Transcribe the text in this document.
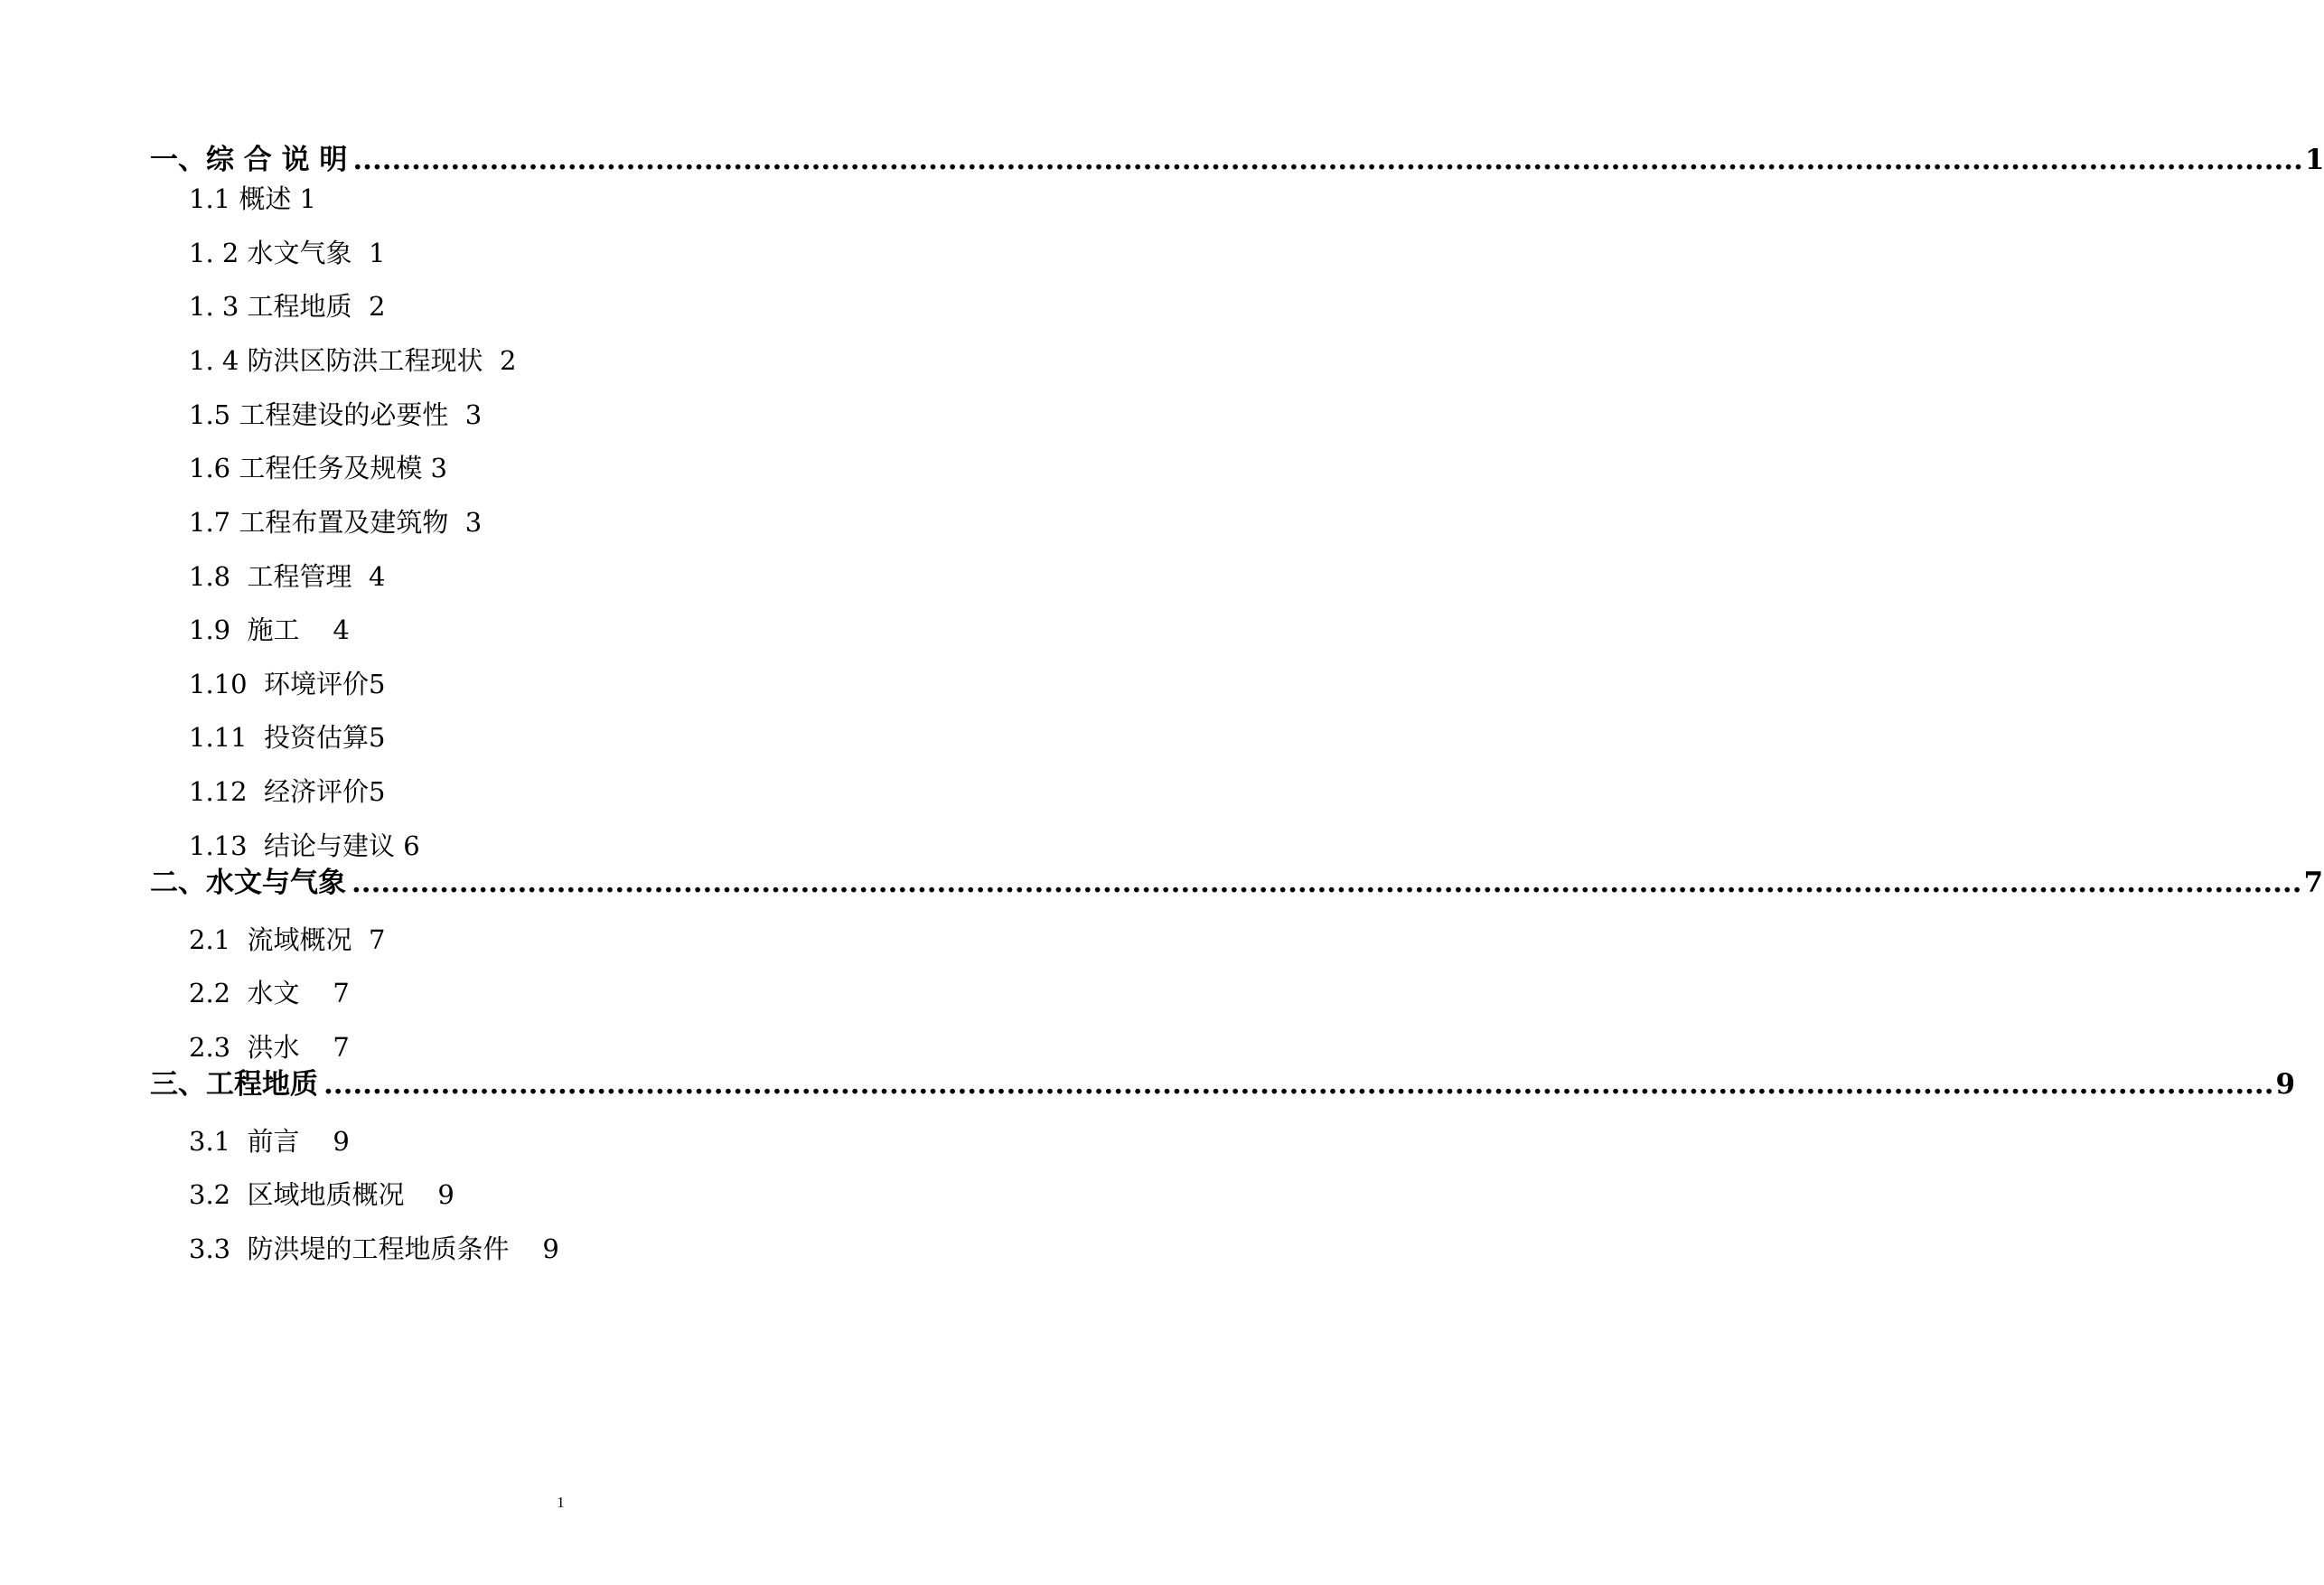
一、综 合 说 明 ........................................................................................................................................................................................................ 1
1.1 概述 1
1. 2 水文气象  1
1. 3 工程地质  2
1. 4 防洪区防洪工程现状  2
1.5 工程建设的必要性  3
1.6 工程任务及规模 3
1.7 工程布置及建筑物  3
1.8  工程管理  4
1.9  施工    4
1.10  环境评价5
1.11  投资估算5
1.12  经济评价5
1.13  结论与建议 6
二、水文与气象 ........................................................................................................................................................................................................ 7
2.1  流域概况  7
2.2  水文    7
2.3  洪水    7
三、工程地质 ........................................................................................................................................................................................................ 9
3.1  前言    9
3.2  区域地质概况    9
3.3  防洪堤的工程地质条件    9
1
